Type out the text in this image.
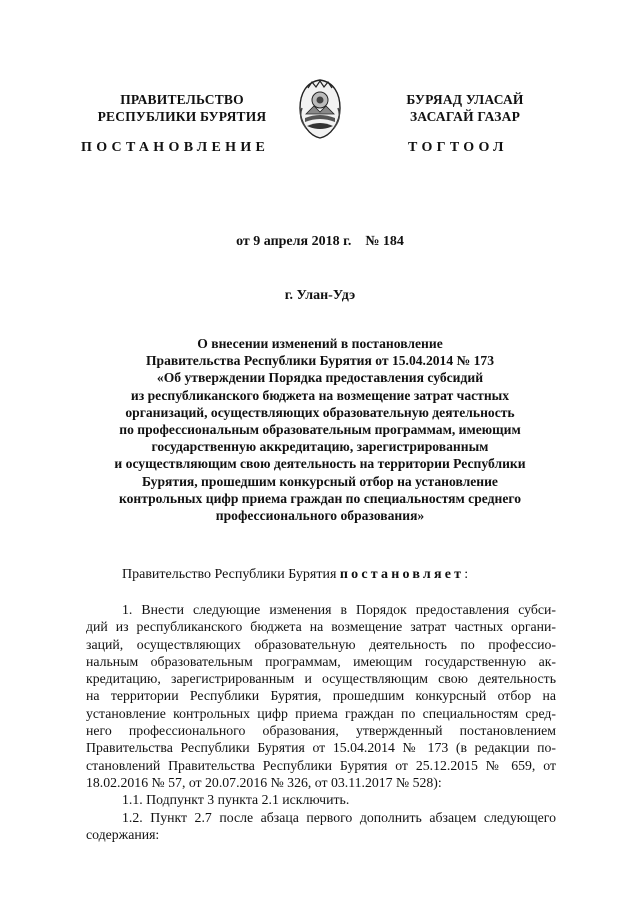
ПРАВИТЕЛЬСТВО
РЕСПУБЛИКИ БУРЯТИЯ
БУРЯАД УЛАСАЙ
ЗАСАГАЙ ГАЗАР
ПОСТАНОВЛЕНИЕ	ТОГТООЛ
от 9 апреля 2018 г.    № 184
г. Улан-Удэ
О внесении изменений в постановление
Правительства Республики Бурятия от 15.04.2014 № 173
«Об утверждении Порядка предоставления субсидий
из республиканского бюджета на возмещение затрат частных
организаций, осуществляющих образовательную деятельность
по профессиональным образовательным программам, имеющим
государственную аккредитацию, зарегистрированным
и осуществляющим свою деятельность на территории Республики
Бурятия, прошедшим конкурсный отбор на установление
контрольных цифр приема граждан по специальностям среднего
профессионального образования»
Правительство Республики Бурятия постановляет:
1. Внести следующие изменения в Порядок предоставления субси-
дий из республиканского бюджета на возмещение затрат частных органи-
заций, осуществляющих образовательную деятельность по профессио-
нальным образовательным программам, имеющим государственную ак-
кредитацию, зарегистрированным и осуществляющим свою деятельность
на территории Республики Бурятия, прошедшим конкурсный отбор на
установление контрольных цифр приема граждан по специальностям сред-
него профессионального образования, утвержденный постановлением
Правительства Республики Бурятия от 15.04.2014 № 173 (в редакции по-
становлений Правительства Республики Бурятия от 25.12.2015 № 659, от
18.02.2016 № 57, от 20.07.2016 № 326, от 03.11.2017 № 528):
1.1. Подпункт 3 пункта 2.1 исключить.
1.2. Пункт 2.7 после абзаца первого дополнить абзацем следующего
содержания:
